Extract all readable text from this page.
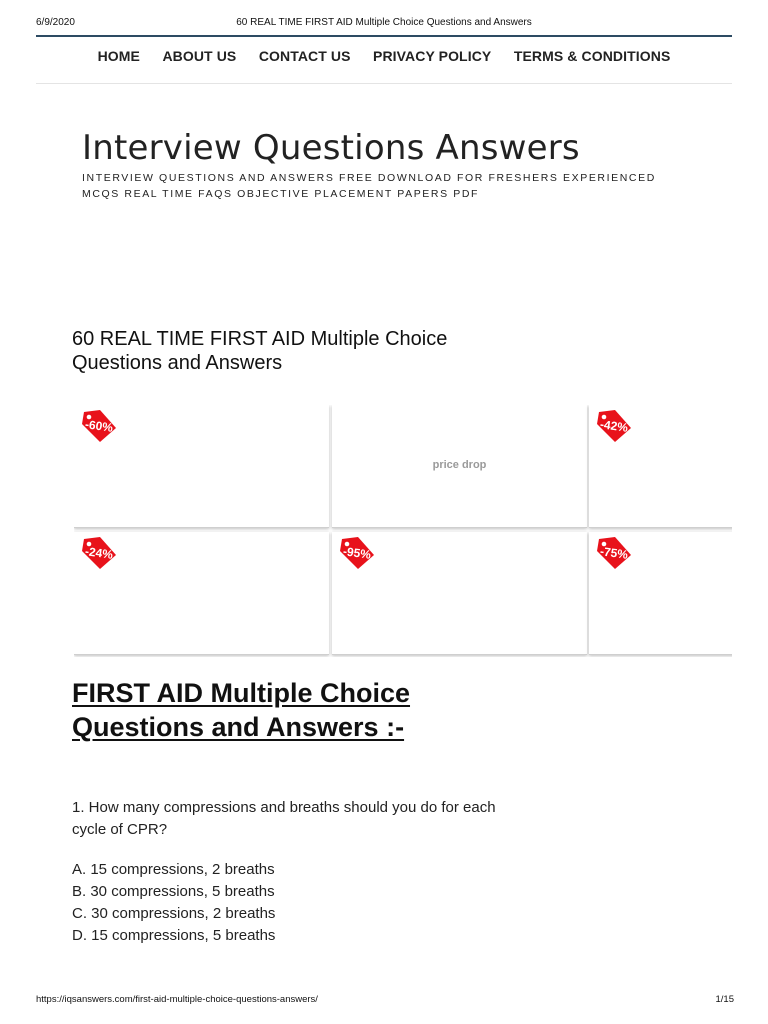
6/9/2020	60 REAL TIME FIRST AID Multiple Choice Questions and Answers
HOME ABOUT US CONTACT US PRIVACY POLICY TERMS & CONDITIONS
Interview Questions Answers
INTERVIEW QUESTIONS AND ANSWERS FREE DOWNLOAD FOR FRESHERS EXPERIENCED MCQS REAL TIME FAQS OBJECTIVE PLACEMENT PAPERS PDF
60 REAL TIME FIRST AID Multiple Choice Questions and Answers
-60%
price drop
-42%
-24%	-95%	-75%
FIRST AID Multiple Choice Questions and Answers :-

1. How many compressions and breaths should you do for each cycle of CPR?

A. 15 compressions, 2 breaths
B. 30 compressions, 5 breaths
C. 30 compressions, 2 breaths
D. 15 compressions, 5 breaths
https://iqsanswers.com/first-aid-multiple-choice-questions-answers/	1/15
